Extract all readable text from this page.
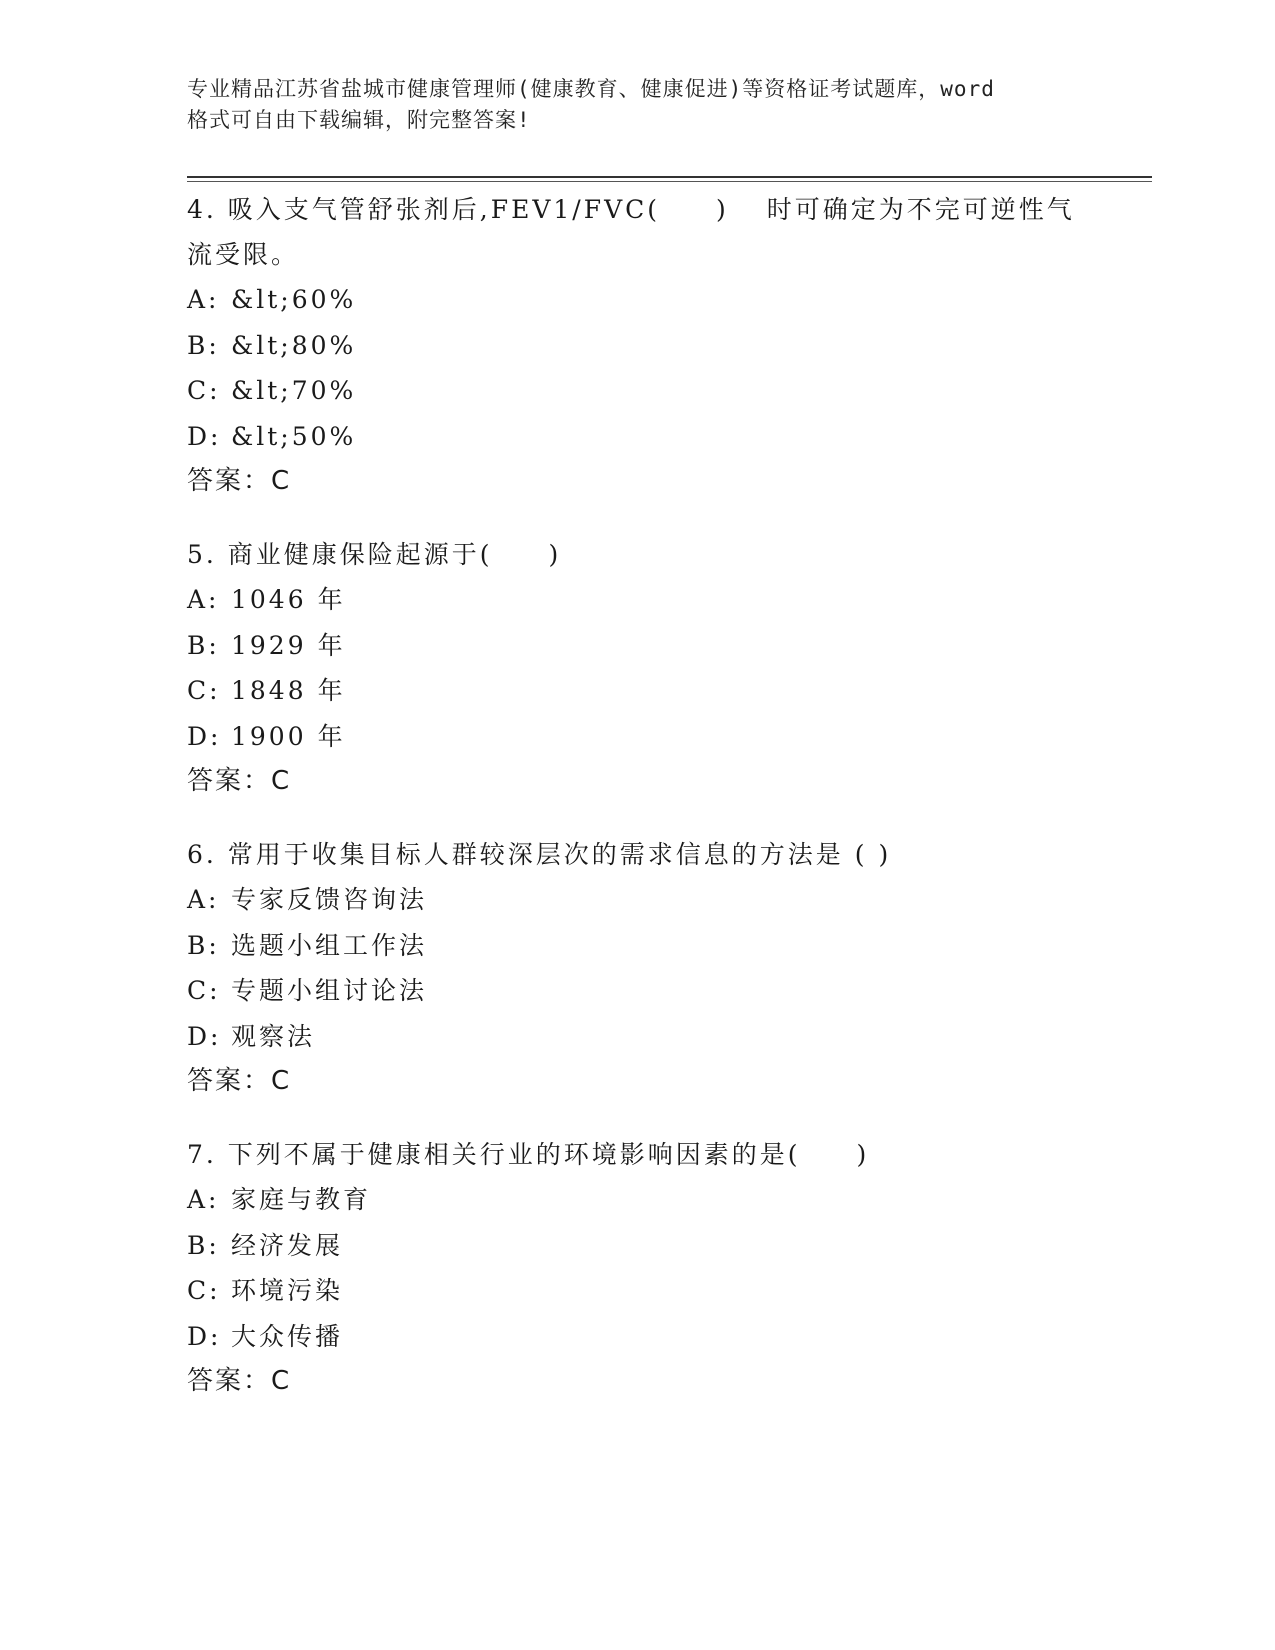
专业精品江苏省盐城市健康管理师(健康教育、健康促进)等资格证考试题库，word
格式可自由下载编辑，附完整答案!
4. 吸入支气管舒张剂后,FEV1/FVC(　　) 时可确定为不完可逆性气
流受限。
A: &lt;60%
B: &lt;80%
C: &lt;70%
D: &lt;50%
答案：C
5. 商业健康保险起源于(　　)
A: 1046 年
B: 1929 年
C: 1848 年
D: 1900 年
答案：C
6. 常用于收集目标人群较深层次的需求信息的方法是 ( )
A: 专家反馈咨询法
B: 选题小组工作法
C: 专题小组讨论法
D: 观察法
答案：C
7. 下列不属于健康相关行业的环境影响因素的是(　　)
A: 家庭与教育
B: 经济发展
C: 环境污染
D: 大众传播
答案：C
